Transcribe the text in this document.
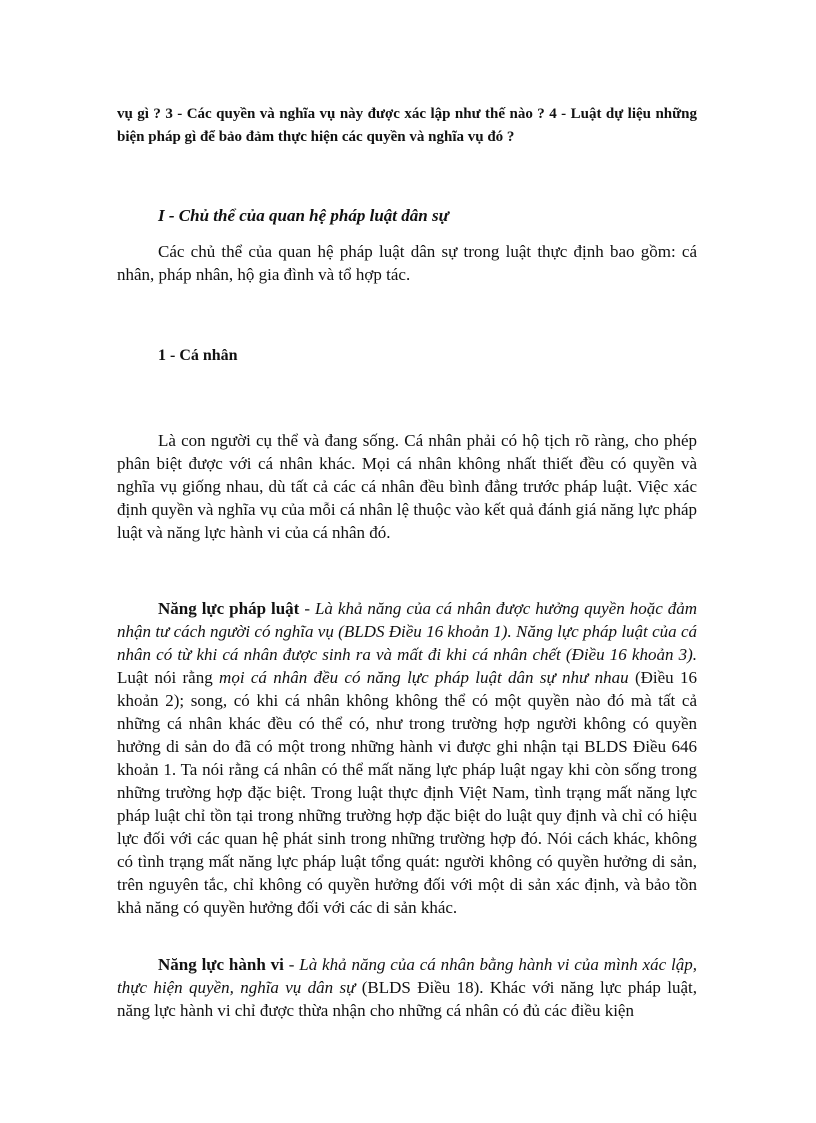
vụ gì ? 3 - Các quyền và nghĩa vụ này được xác lập như thế nào ? 4 - Luật dự liệu những biện pháp gì để bảo đảm thực hiện các quyền và nghĩa vụ đó ?

I - Chủ thể của quan hệ pháp luật dân sự

Các chủ thể của quan hệ pháp luật dân sự trong luật thực định bao gồm: cá nhân, pháp nhân, hộ gia đình và tổ hợp tác.

1 - Cá nhân

Là con người cụ thể và đang sống. Cá nhân phải có hộ tịch rõ ràng, cho phép phân biệt được với cá nhân khác. Mọi cá nhân không nhất thiết đều có quyền và nghĩa vụ giống nhau, dù tất cả các cá nhân đều bình đẳng trước pháp luật. Việc xác định quyền và nghĩa vụ của mỗi cá nhân lệ thuộc vào kết quả đánh giá năng lực pháp luật và năng lực hành vi của cá nhân đó.

Năng lực pháp luật - Là khả năng của cá nhân được hưởng quyền hoặc đảm nhận tư cách người có nghĩa vụ (BLDS Điều 16 khoản 1). Năng lực pháp luật của cá nhân có từ khi cá nhân được sinh ra và mất đi khi cá nhân chết (Điều 16 khoản 3). Luật nói rằng mọi cá nhân đều có năng lực pháp luật dân sự như nhau (Điều 16 khoản 2); song, có khi cá nhân không không thể có một quyền nào đó mà tất cả những cá nhân khác đều có thể có, như trong trường hợp người không có quyền hưởng di sản do đã có một trong những hành vi được ghi nhận tại BLDS Điều 646 khoản 1. Ta nói rằng cá nhân có thể mất năng lực pháp luật ngay khi còn sống trong những trường hợp đặc biệt. Trong luật thực định Việt Nam, tình trạng mất năng lực pháp luật chỉ tồn tại trong những trường hợp đặc biệt do luật quy định và chỉ có hiệu lực đối với các quan hệ phát sinh trong những trường hợp đó. Nói cách khác, không có tình trạng mất năng lực pháp luật tổng quát: người không có quyền hưởng di sản, trên nguyên tắc, chỉ không có quyền hưởng đối với một di sản xác định, và bảo tồn khả năng có quyền hưởng đối với các di sản khác.

Năng lực hành vi - Là khả năng của cá nhân bằng hành vi của mình xác lập, thực hiện quyền, nghĩa vụ dân sự (BLDS Điều 18). Khác với năng lực pháp luật, năng lực hành vi chỉ được thừa nhận cho những cá nhân có đủ các điều kiện
